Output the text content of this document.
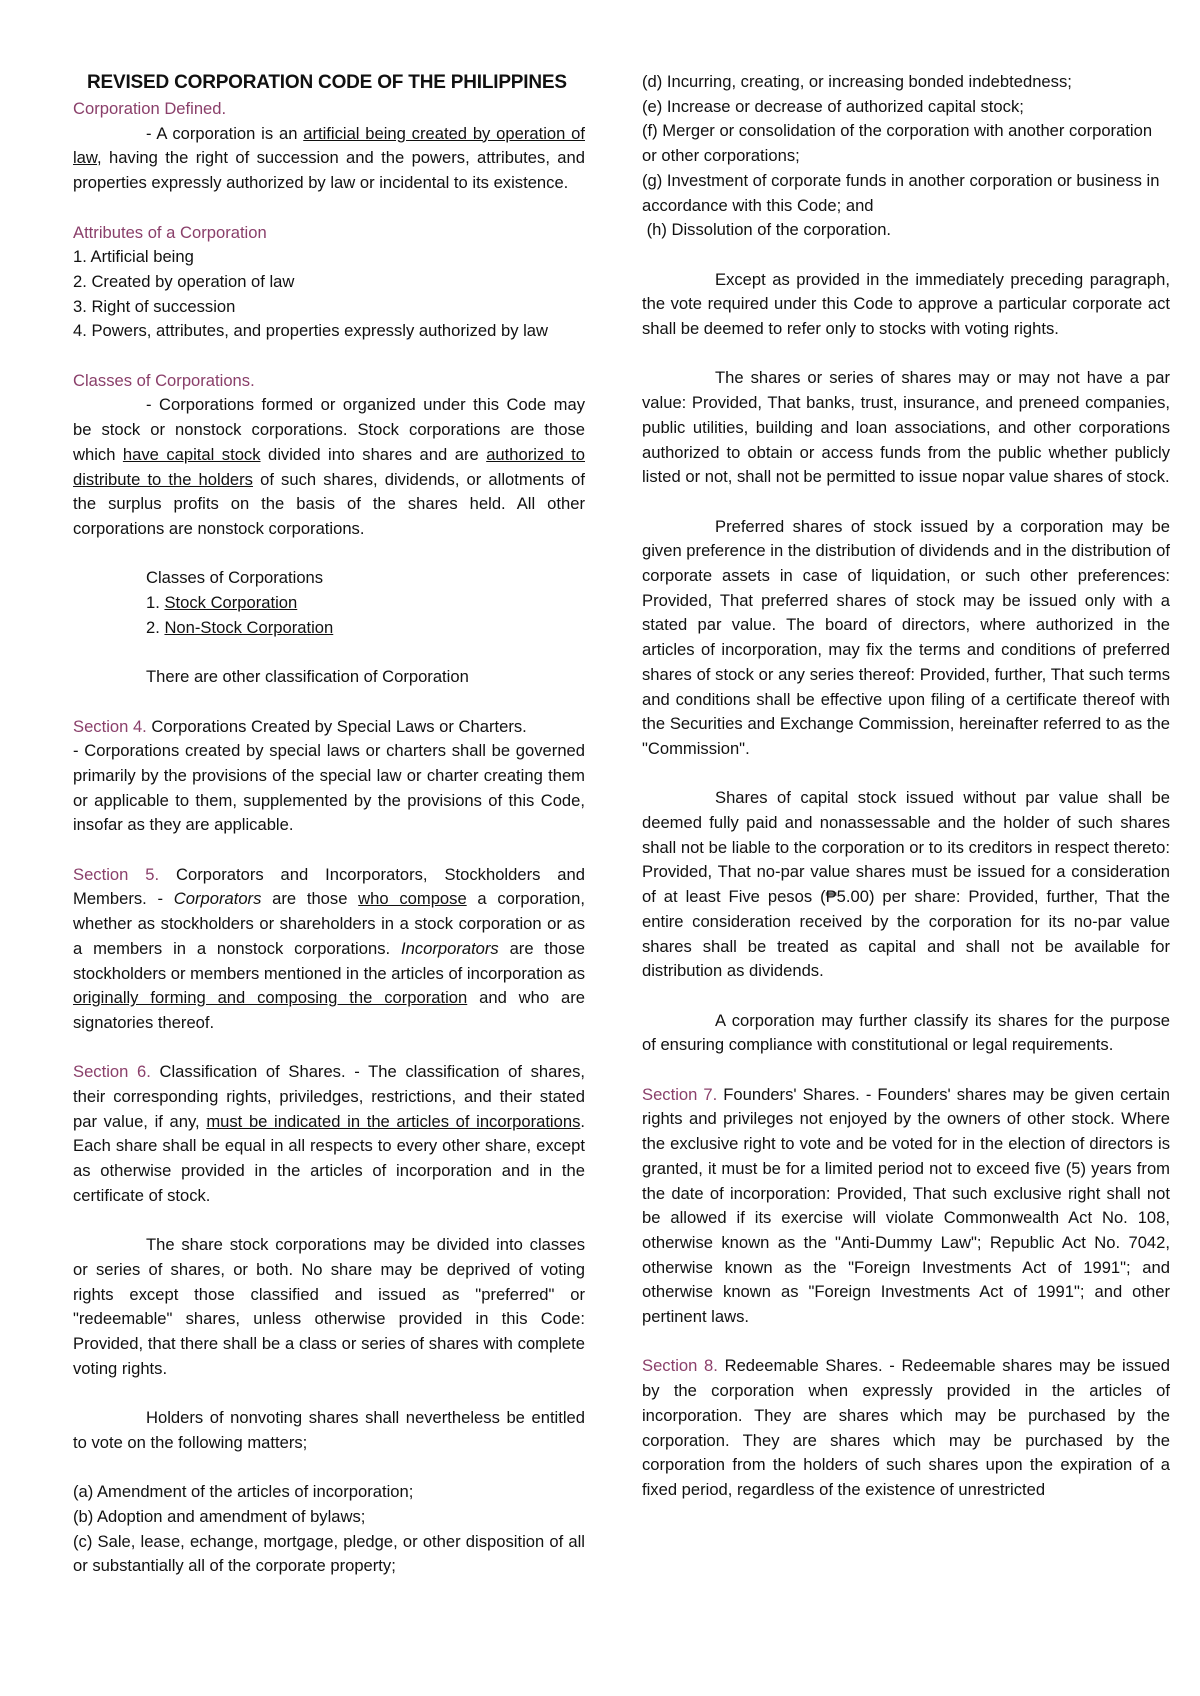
REVISED CORPORATION CODE OF THE PHILIPPINES

Corporation Defined.

- A corporation is an artificial being created by operation of law, having the right of succession and the powers, attributes, and properties expressly authorized by law or incidental to its existence.

Attributes of a Corporation

1. Artificial being

2. Created by operation of law

3. Right of succession

4. Powers, attributes, and properties expressly authorized by law

Classes of Corporations.

- Corporations formed or organized under this Code may be stock or nonstock corporations. Stock corporations are those which have capital stock divided into shares and are authorized to distribute to the holders of such shares, dividends, or allotments of the surplus profits on the basis of the shares held. All other corporations are nonstock corporations.

Classes of Corporations

1. Stock Corporation

2. Non-Stock Corporation

There are other classification of Corporation

Section 4. Corporations Created by Special Laws or Charters.

- Corporations created by special laws or charters shall be governed primarily by the provisions of the special law or charter creating them or applicable to them, supplemented by the provisions of this Code, insofar as they are applicable.

Section 5. Corporators and Incorporators, Stockholders and Members. - Corporators are those who compose a corporation, whether as stockholders or shareholders in a stock corporation or as a members in a nonstock corporations. Incorporators are those stockholders or members mentioned in the articles of incorporation as originally forming and composing the corporation and who are signatories thereof.

Section 6. Classification of Shares. - The classification of shares, their corresponding rights, priviledges, restrictions, and their stated par value, if any, must be indicated in the articles of incorporations. Each share shall be equal in all respects to every other share, except as otherwise provided in the articles of incorporation and in the certificate of stock.

The share stock corporations may be divided into classes or series of shares, or both. No share may be deprived of voting rights except those classified and issued as "preferred" or "redeemable" shares, unless otherwise provided in this Code: Provided, that there shall be a class or series of shares with complete voting rights.

Holders of nonvoting shares shall nevertheless be entitled to vote on the following matters;

(a) Amendment of the articles of incorporation;

(b) Adoption and amendment of bylaws;

(c) Sale, lease, echange, mortgage, pledge, or other disposition of all or substantially all of the corporate property;

(d) Incurring, creating, or increasing bonded indebtedness;

(e) Increase or decrease of authorized capital stock;

(f) Merger or consolidation of the corporation with another corporation or other corporations;

(g) Investment of corporate funds in another corporation or business in accordance with this Code; and

(h) Dissolution of the corporation.

Except as provided in the immediately preceding paragraph, the vote required under this Code to approve a particular corporate act shall be deemed to refer only to stocks with voting rights.

The shares or series of shares may or may not have a par value: Provided, That banks, trust, insurance, and preneed companies, public utilities, building and loan associations, and other corporations authorized to obtain or access funds from the public whether publicly listed or not, shall not be permitted to issue nopar value shares of stock.

Preferred shares of stock issued by a corporation may be given preference in the distribution of dividends and in the distribution of corporate assets in case of liquidation, or such other preferences: Provided, That preferred shares of stock may be issued only with a stated par value. The board of directors, where authorized in the articles of incorporation, may fix the terms and conditions of preferred shares of stock or any series thereof: Provided, further, That such terms and conditions shall be effective upon filing of a certificate thereof with the Securities and Exchange Commission, hereinafter referred to as the "Commission".

Shares of capital stock issued without par value shall be deemed fully paid and nonassessable and the holder of such shares shall not be liable to the corporation or to its creditors in respect thereto: Provided, That no-par value shares must be issued for a consideration of at least Five pesos (₱5.00) per share: Provided, further, That the entire consideration received by the corporation for its no-par value shares shall be treated as capital and shall not be available for distribution as dividends.

A corporation may further classify its shares for the purpose of ensuring compliance with constitutional or legal requirements.

Section 7. Founders' Shares. - Founders' shares may be given certain rights and privileges not enjoyed by the owners of other stock. Where the exclusive right to vote and be voted for in the election of directors is granted, it must be for a limited period not to exceed five (5) years from the date of incorporation: Provided, That such exclusive right shall not be allowed if its exercise will violate Commonwealth Act No. 108, otherwise known as the "Anti-Dummy Law"; Republic Act No. 7042, otherwise known as the "Foreign Investments Act of 1991"; and otherwise known as "Foreign Investments Act of 1991"; and other pertinent laws.

Section 8. Redeemable Shares. - Redeemable shares may be issued by the corporation when expressly provided in the articles of incorporation. They are shares which may be purchased by the corporation. They are shares which may be purchased by the corporation from the holders of such shares upon the expiration of a fixed period, regardless of the existence of unrestricted
